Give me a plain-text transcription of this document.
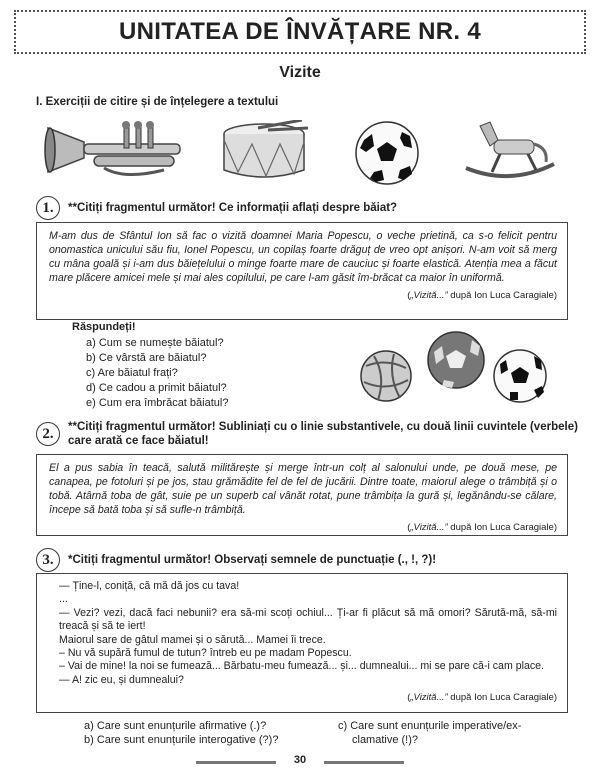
UNITATEA DE ÎNVĂȚARE NR. 4
Vizite
I. Exerciții de citire și de înțelegere a textului
1.	**Citiți fragmentul următor! Ce informații aflați despre băiat?
M-am dus de Sfântul Ion să fac o vizită doamnei Maria Popescu, o veche prietină, ca s-o felicit pentru onomastica unicului său fiu, Ionel Popescu, un copilaș foarte drăguț de vreo opt anișori. N-am voit să merg cu mâna goală și i-am dus băiețelului o minge foarte mare de cauciuc și foarte elastică. Atenția mea a făcut mare plăcere amicei mele și mai ales copilului, pe care l-am găsit îm-brăcat ca maior în uniformă.
(„Vizită...” după Ion Luca Caragiale)
Răspundeți!
a) Cum se numește băiatul?
b) Ce vârstă are băiatul?
c) Are băiatul frați?
d) Ce cadou a primit băiatul?
e) Cum era îmbrăcat băiatul?
2.	**Citiți fragmentul următor! Subliniați cu o linie substantivele, cu două linii cuvintele (verbele)
care arată ce face băiatul!
El a pus sabia în teacă, salută militărește și merge într-un colț al salonului unde, pe două mese, pe canapea, pe fotoluri și pe jos, stau grămădite fel de fel de jucării. Dintre toate, maiorul alege o trâmbiță și o tobă. Atârnă toba de gât, suie pe un superb cal vânăt rotat, pune trâmbița la gură și, legănându-se călare, începe să bată toba și să sufle-n trâmbiță.
(„Vizită...” după Ion Luca Caragiale)
3.	*Citiți fragmentul următor! Observați semnele de punctuație (., !, ?)!

— Ține-l, coniță, că mă dă jos cu tava!

...

— Vezi? vezi, dacă faci nebunii? era să-mi scoți ochiul... Ți-ar fi plăcut să mă omori? Sărută-mă, să-mi treacă și să te iert!

Maiorul sare de gâtul mamei și o sărută... Mamei îi trece.

– Nu vă supără fumul de tutun? întreb eu pe madam Popescu.

– Vai de mine! la noi se fumează... Bărbatu-meu fumează... și... dumnealui... mi se pare că-i cam place.

— A! zic eu, și dumnealui?

(„Vizită...” după Ion Luca Caragiale)
a) Care sunt enunțurile afirmative (.)?
b) Care sunt enunțurile interogative (?)?
c) Care sunt enunțurile imperative/ex-
clamative (!)?
30
